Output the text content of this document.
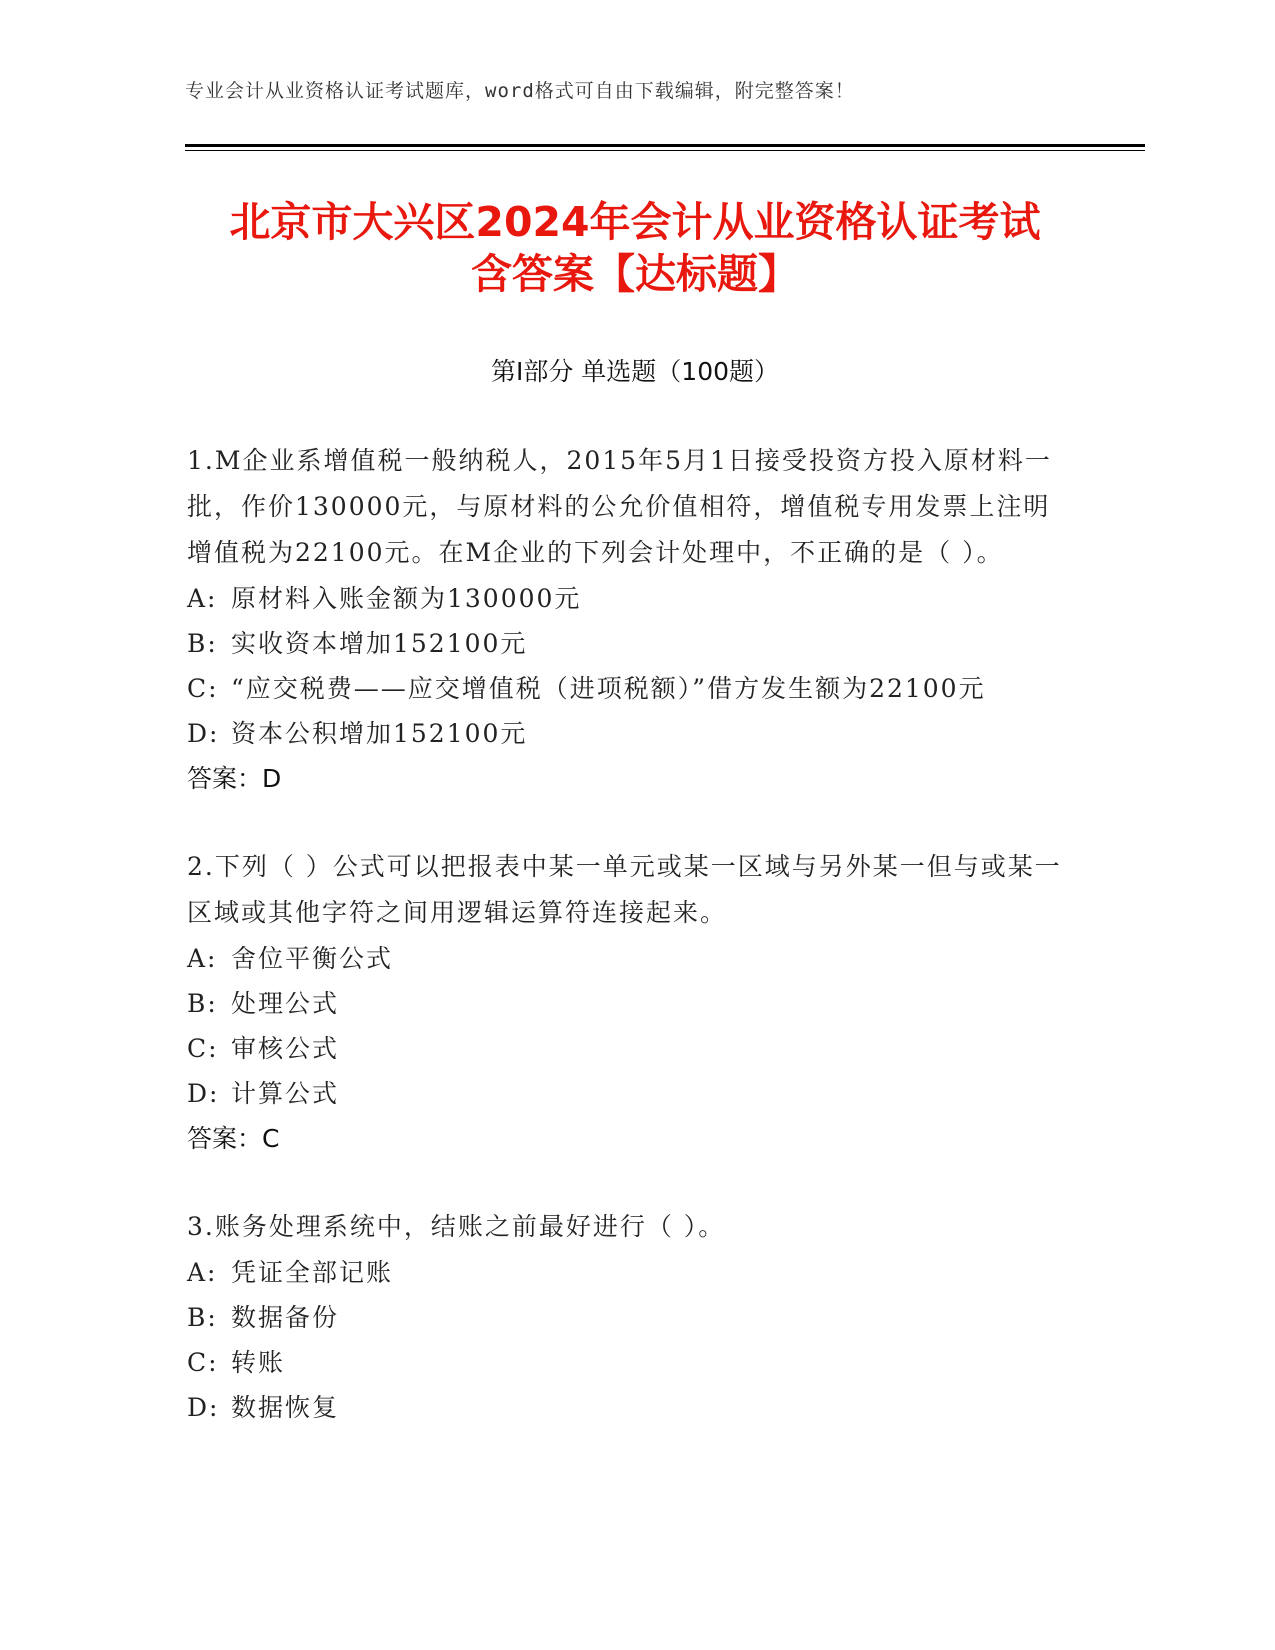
专业会计从业资格认证考试题库，word格式可自由下载编辑，附完整答案！
北京市大兴区2024年会计从业资格认证考试
含答案【达标题】
第Ⅰ部分 单选题（100题）
1.M企业系增值税一般纳税人，2015年5月1日接受投资方投入原材料一批，作价130000元，与原材料的公允价值相符，增值税专用发票上注明增值税为22100元。在M企业的下列会计处理中，不正确的是（ ）。
A: 原材料入账金额为130000元
B: 实收资本增加152100元
C: “应交税费——应交增值税（进项税额）”借方发生额为22100元
D: 资本公积增加152100元
答案：D
2.下列（ ）公式可以把报表中某一单元或某一区域与另外某一但与或某一区域或其他字符之间用逻辑运算符连接起来。
A: 舍位平衡公式
B: 处理公式
C: 审核公式
D: 计算公式
答案：C
3.账务处理系统中，结账之前最好进行（ ）。
A: 凭证全部记账
B: 数据备份
C: 转账
D: 数据恢复
